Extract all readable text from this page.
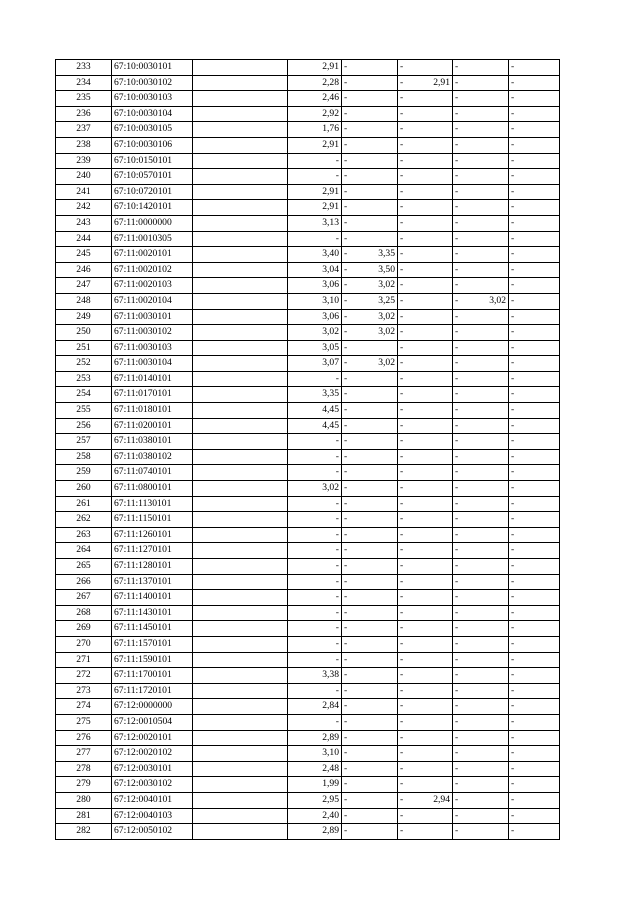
233	67:10:0030101		2,91	-	-	-	-
234	67:10:0030102		2,28	-	- 2,91	-	-
235	67:10:0030103		2,46	-	-	-	-
236	67:10:0030104		2,92	-	-	-	-
237	67:10:0030105		1,76	-	-	-	-
238	67:10:0030106		2,91	-	-	-	-
239	67:10:0150101		-	-	-	-	-
240	67:10:0570101		-	-	-	-	-
241	67:10:0720101		2,91	-	-	-	-
242	67:10:1420101		2,91	-	-	-	-
243	67:11:0000000		3,13	-	-	-	-
244	67:11:0010305		-	-	-	-	-
245	67:11:0020101		3,40	- 3,35	-	-	-
246	67:11:0020102		3,04	- 3,50	-	-	-
247	67:11:0020103		3,06	- 3,02	-	-	-
248	67:11:0020104		3,10	- 3,25	-	- 3,02	-
249	67:11:0030101		3,06	- 3,02	-	-	-
250	67:11:0030102		3,02	- 3,02	-	-	-
251	67:11:0030103		3,05	-	-	-	-
252	67:11:0030104		3,07	- 3,02	-	-	-
253	67:11:0140101		-	-	-	-	-
254	67:11:0170101		3,35	-	-	-	-
255	67:11:0180101		4,45	-	-	-	-
256	67:11:0200101		4,45	-	-	-	-
257	67:11:0380101		-	-	-	-	-
258	67:11:0380102		-	-	-	-	-
259	67:11:0740101		-	-	-	-	-
260	67:11:0800101		3,02	-	-	-	-
261	67:11:1130101		-	-	-	-	-
262	67:11:1150101		-	-	-	-	-
263	67:11:1260101		-	-	-	-	-
264	67:11:1270101		-	-	-	-	-
265	67:11:1280101		-	-	-	-	-
266	67:11:1370101		-	-	-	-	-
267	67:11:1400101		-	-	-	-	-
268	67:11:1430101		-	-	-	-	-
269	67:11:1450101		-	-	-	-	-
270	67:11:1570101		-	-	-	-	-
271	67:11:1590101		-	-	-	-	-
272	67:11:1700101		3,38	-	-	-	-
273	67:11:1720101		-	-	-	-	-
274	67:12:0000000		2,84	-	-	-	-
275	67:12:0010504		-	-	-	-	-
276	67:12:0020101		2,89	-	-	-	-
277	67:12:0020102		3,10	-	-	-	-
278	67:12:0030101		2,48	-	-	-	-
279	67:12:0030102		1,99	-	-	-	-
280	67:12:0040101		2,95	-	- 2,94	-	-
281	67:12:0040103		2,40	-	-	-	-
282	67:12:0050102		2,89	-	-	-	-
